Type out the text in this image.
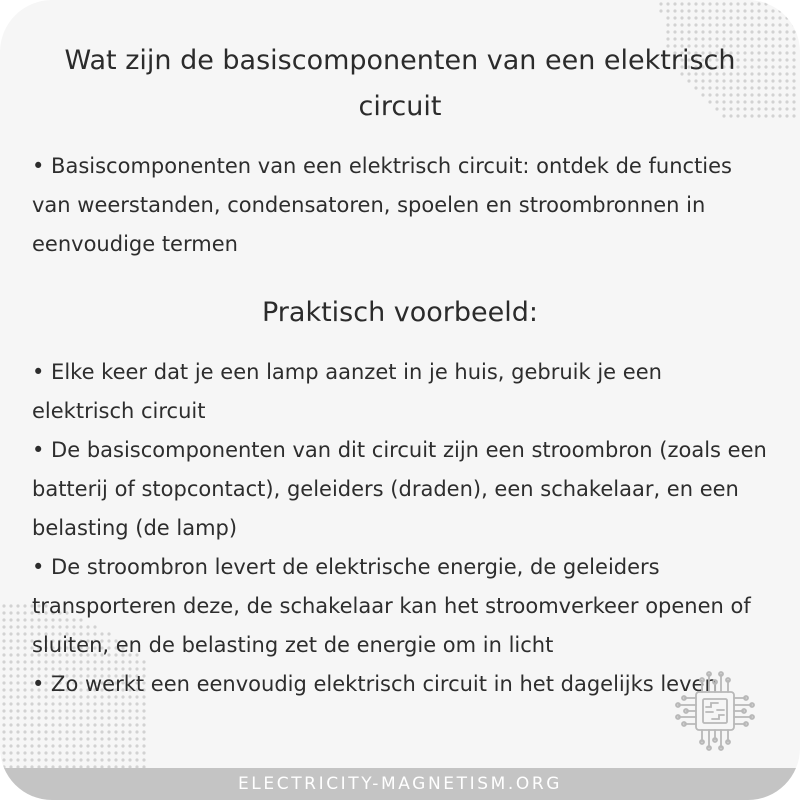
Wat zijn de basiscomponenten van een elektrisch circuit

• Basiscomponenten van een elektrisch circuit: ontdek de functies van weerstanden, condensatoren, spoelen en stroombronnen in eenvoudige termen

Praktisch voorbeeld:

• Elke keer dat je een lamp aanzet in je huis, gebruik je een elektrisch circuit

• De basiscomponenten van dit circuit zijn een stroombron (zoals een batterij of stopcontact), geleiders (draden), een schakelaar, en een belasting (de lamp)

• De stroombron levert de elektrische energie, de geleiders transporteren deze, de schakelaar kan het stroomverkeer openen of sluiten, en de belasting zet de energie om in licht

• Zo werkt een eenvoudig elektrisch circuit in het dagelijks leven

ELECTRICITY-MAGNETISM.ORG
